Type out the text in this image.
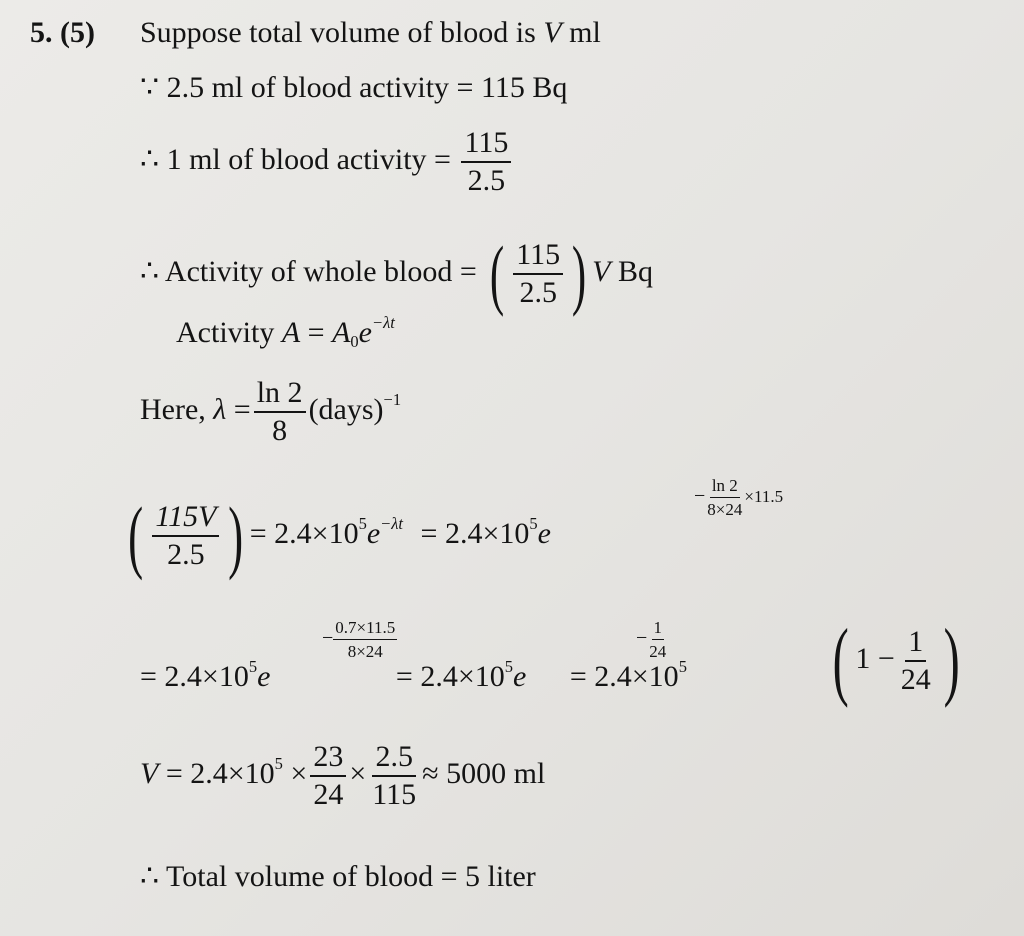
5. (5) Suppose total volume of blood is V ml
∵ 2.5 ml of blood activity = 115 Bq
∴ 1 ml of blood activity = $\frac{115}{2.5}$
∴ Activity of whole blood = ( $\frac{115}{2.5}$ ) V Bq
Activity $A = A_0e^{-\lambda t}$
Here, $\lambda = \frac{\ln 2}{8}$ (days)$^{-1}$
( $\frac{115V}{2.5}$ ) = $2.4\times 10^5e^{-\lambda t} = 2.4\times 10^5e$
− $\frac{\ln 2}{8\times 24} \times 11.5$
= $2.4\times 10^5e$	= $2.4\times 10^5e = 2.4\times 10^5$
− $\frac{0.7\times 11.5}{8\times 24}$	− $\frac{1}{24}$ ( $1 - \frac{1}{24}$ )
$V = 2.4\times 10^5 \times \frac{23}{24} \times \frac{2.5}{115} \approx 5000$ ml
∴ Total volume of blood = 5 liter
